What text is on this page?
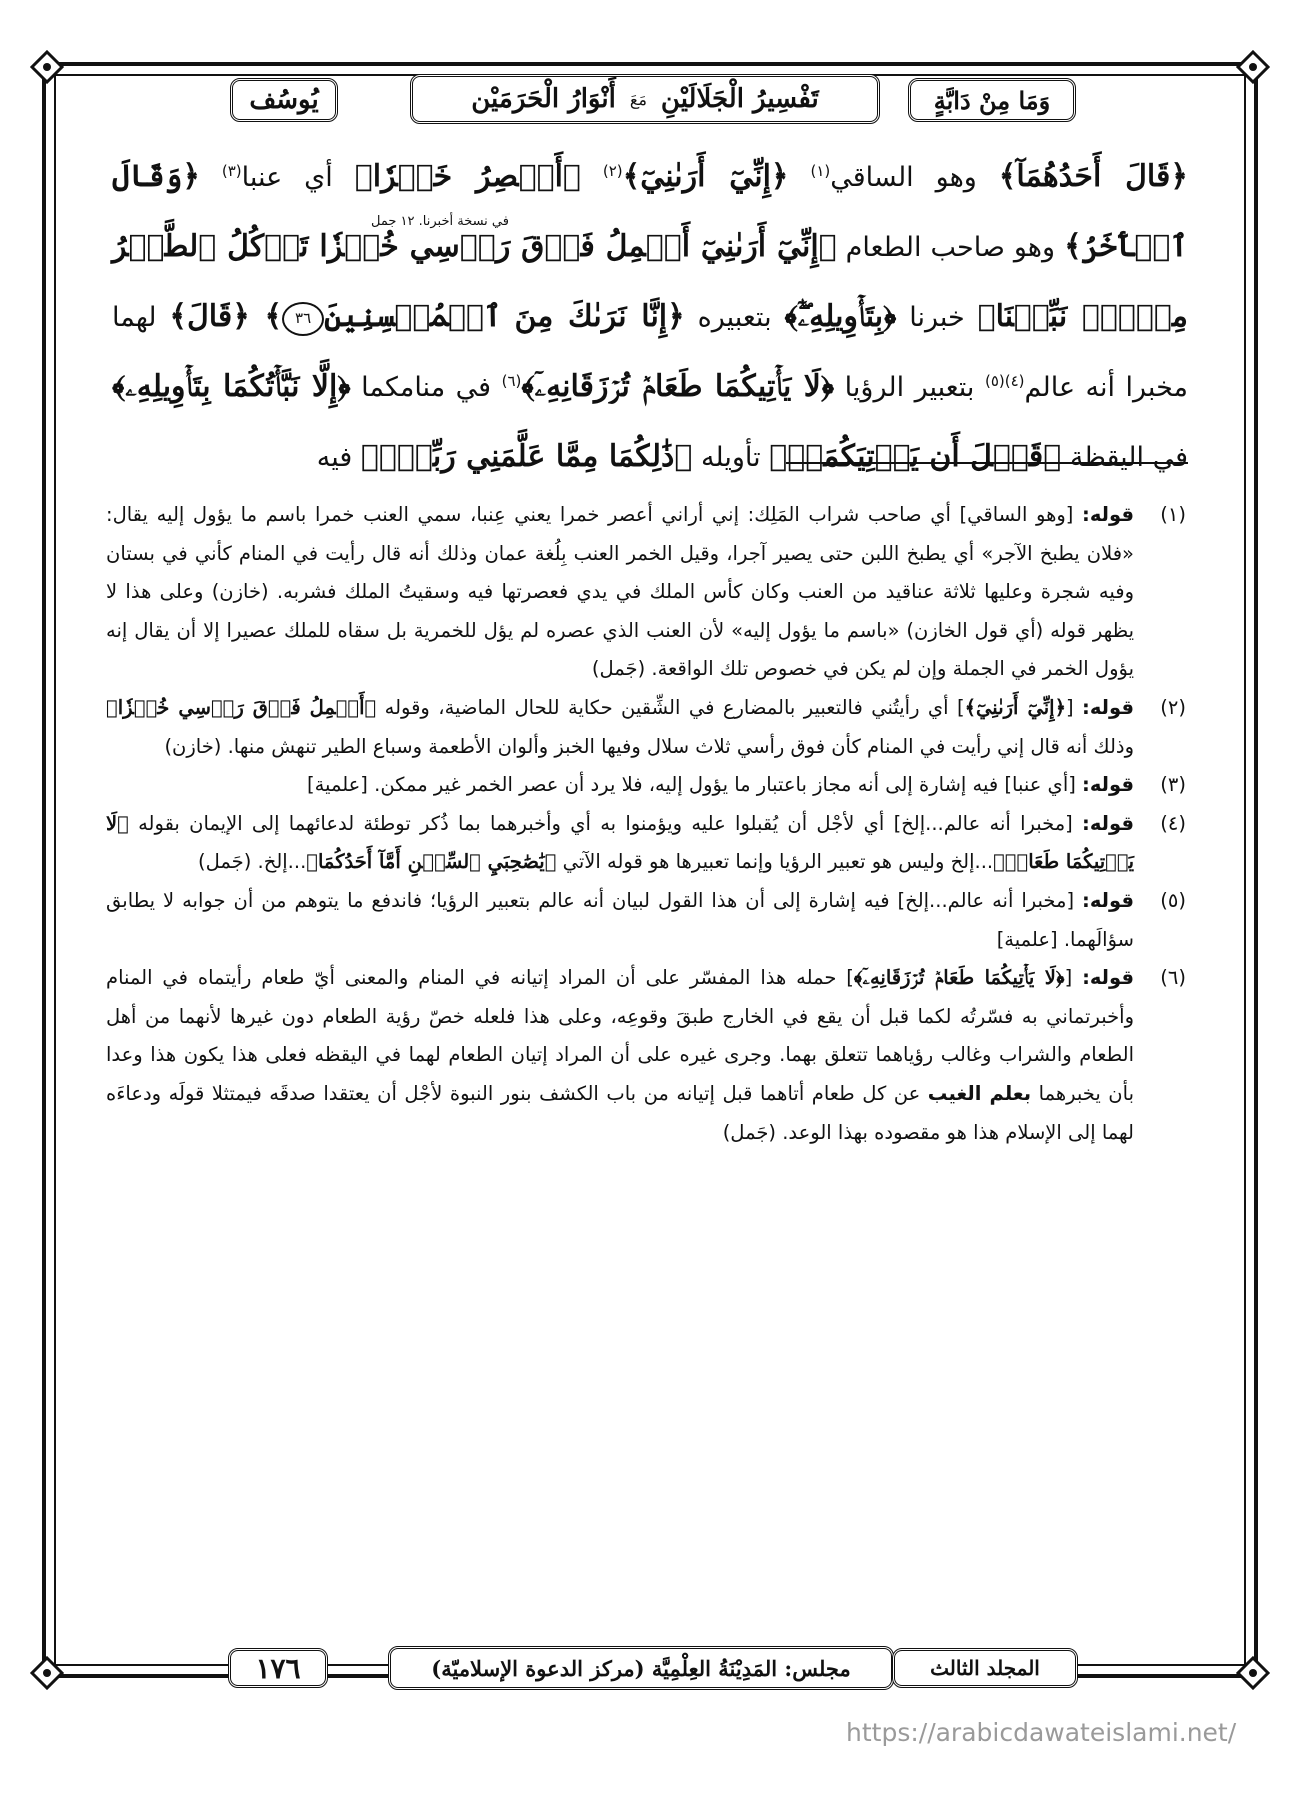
يُوسُف	تَفْسِيرُ الْجَلَالَيْنِ
مَعَ
أَنْوَارُ الْحَرَمَيْن	وَمَا مِنْ دَابَّةٍ
﴿قَالَ أَحَدُهُمَآ﴾ وهو الساقي$^{(١)}$ ﴿إِنِّيٓ أَرَىٰنِيٓ﴾$^{(٢)}$ ﴿أَعۡصِرُ خَمۡرٗا﴾ أي عنبا$^{(٣)}$ ﴿وَقَالَ ٱلۡأٓخَرُ﴾ وهو صاحب الطعام ﴿إِنِّيٓ أَرَىٰنِيٓ أَحۡمِلُ فَوۡقَ رَأۡسِي خُبۡزٗا تَأۡكُلُ ٱلطَّيۡرُ مِنۡهُۖ نَبِّئۡنَا﴾ خبرنا ﴿بِتَأۡوِيلِهِۦٓۖ﴾ بتعبيره ﴿إِنَّا نَرَىٰكَ مِنَ ٱلۡمُحۡسِنِينَ٣٦﴾ ﴿قَالَ﴾ لهما مخبرا أنه عالم$^{(٤)(٥)}$ بتعبير الرؤيا ﴿لَا يَأۡتِيكُمَا طَعَامٞ تُرۡزَقَانِهِۦٓ﴾$^{(٦)}$ في منامكما ﴿إِلَّا نَبَّأۡتُكُمَا بِتَأۡوِيلِهِۦ﴾ في اليقظة ﴿قَبۡلَ أَن يَأۡتِيَكُمَاۚ﴾ تأويله ﴿ذَٰلِكُمَا مِمَّا عَلَّمَنِي رَبِّيٓۚ﴾ فيه
في نسخة أخبرنا. ١٢ جمل
(١)
قوله: [وهو الساقي] أي صاحب شراب المَلِك: إني أراني أعصر خمرا يعني عِنبا، سمي العنب خمرا باسم ما يؤول إليه يقال: «فلان يطبخ الآجر» أي يطبخ اللبن حتى يصير آجرا، وقيل الخمر العنب بِلُغة عمان وذلك أنه قال رأيت في المنام كأني في بستان وفيه شجرة وعليها ثلاثة عناقيد من العنب وكان كأس الملك في يدي فعصرتها فيه وسقيتُ الملك فشربه. (خازن) وعلى هذا لا يظهر قوله (أي قول الخازن) «باسم ما يؤول إليه» لأن العنب الذي عصره لم يؤل للخمرية بل سقاه للملك عصيرا إلا أن يقال إنه يؤول الخمر في الجملة وإن لم يكن في خصوص تلك الواقعة. (جَمل)
(٢)
قوله: [﴿إِنِّيٓ أَرَىٰنِيٓ﴾] أي رأيتُني فالتعبير بالمضارع في الشِّقين حكاية للحال الماضية، وقوله ﴿أَحۡمِلُ فَوۡقَ رَأۡسِي خُبۡزٗا﴾ وذلك أنه قال إني رأيت في المنام كأن فوق رأسي ثلاث سلال وفيها الخبز وألوان الأطعمة وسباع الطير تنهش منها. (خازن)
(٣)
قوله: [أي عنبا] فيه إشارة إلى أنه مجاز باعتبار ما يؤول إليه، فلا يرد أن عصر الخمر غير ممكن. [علمية]
(٤)
قوله: [مخبرا أنه عالم...إلخ] أي لأجْل أن يُقبلوا عليه ويؤمنوا به أي وأخبرهما بما ذُكر توطئة لدعائهما إلى الإيمان بقوله ﴿لَا يَأۡتِيكُمَا طَعَامٞ﴾...إلخ وليس هو تعبير الرؤيا وإنما تعبيرها هو قوله الآتي ﴿يَٰصَٰحِبَيِ ٱلسِّجۡنِ أَمَّآ أَحَدُكُمَا﴾...إلخ. (جَمل)
(٥)
قوله: [مخبرا أنه عالم...إلخ] فيه إشارة إلى أن هذا القول لبيان أنه عالم بتعبير الرؤيا؛ فاندفع ما يتوهم من أن جوابه لا يطابق سؤالَهما. [علمية]
(٦)
قوله: [﴿لَا يَأۡتِيكُمَا طَعَامٞ تُرۡزَقَانِهِۦٓ﴾] حمله هذا المفسّر على أن المراد إتيانه في المنام والمعنى أيّ طعام رأيتماه في المنام وأخبرتماني به فسّرتُه لكما قبل أن يقع في الخارج طبقَ وقوعِه، وعلى هذا فلعله خصّ رؤية الطعام دون غيرها لأنهما من أهل الطعام والشراب وغالب رؤياهما تتعلق بهما. وجرى غيره على أن المراد إتيان الطعام لهما في اليقظه فعلى هذا يكون هذا وعدا بأن يخبرهما بعلم الغيب عن كل طعام أتاهما قبل إتيانه من باب الكشف بنور النبوة لأجْل أن يعتقدا صدقَه فيمتثلا قولَه ودعاءَه لهما إلى الإسلام هذا هو مقصوده بهذا الوعد. (جَمل)
١٧٦	مجلس: المَدِيْنَةُ العِلْمِيَّة (مركز الدعوة الإسلاميّة)	المجلد الثالث
https://arabicdawateislami.net/
